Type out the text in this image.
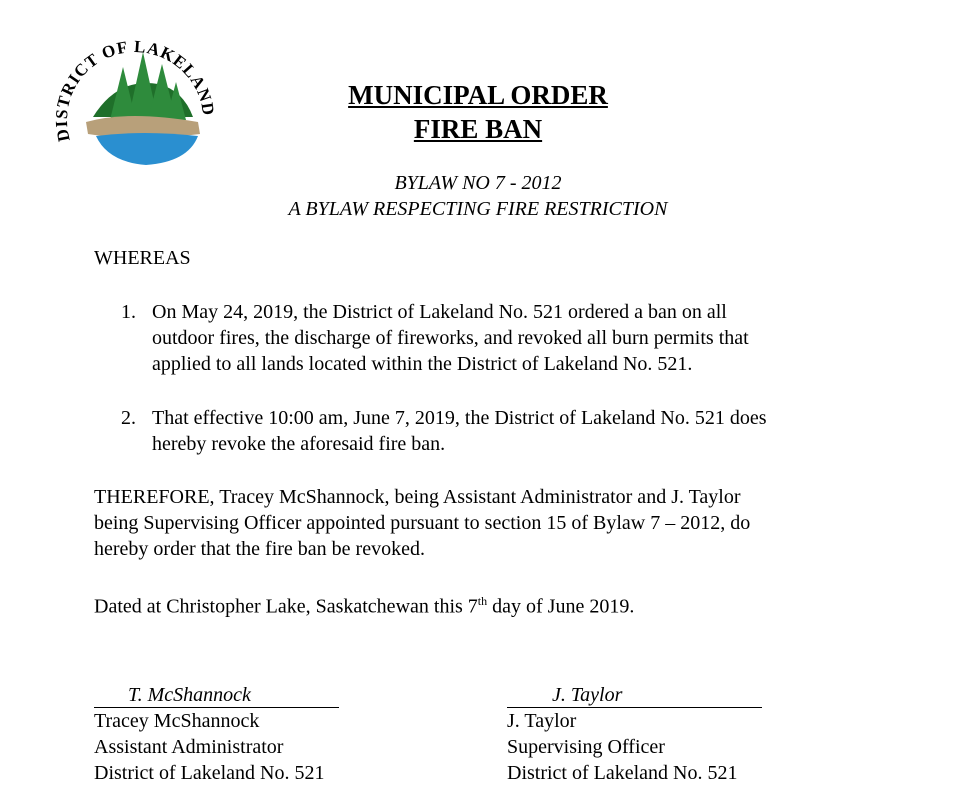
DISTRICT OF LAKELAND	MUNICIPAL ORDER
FIRE BAN
BYLAW NO 7 - 2012
A BYLAW RESPECTING FIRE RESTRICTION
WHEREAS
1. On May 24, 2019, the District of Lakeland No. 521 ordered a ban on all
outdoor fires, the discharge of fireworks, and revoked all burn permits that
applied to all lands located within the District of Lakeland No. 521.
2. That effective 10:00 am, June 7, 2019, the District of Lakeland No. 521 does
hereby revoke the aforesaid fire ban.
THEREFORE, Tracey McShannock, being Assistant Administrator and J. Taylor
being Supervising Officer appointed pursuant to section 15 of Bylaw 7 – 2012, do
hereby order that the fire ban be revoked.
Dated at Christopher Lake, Saskatchewan this 7th day of June 2019.
T. McShannock
Tracey McShannock
Assistant Administrator
District of Lakeland No. 521
J. Taylor
J. Taylor
Supervising Officer
District of Lakeland No. 521
